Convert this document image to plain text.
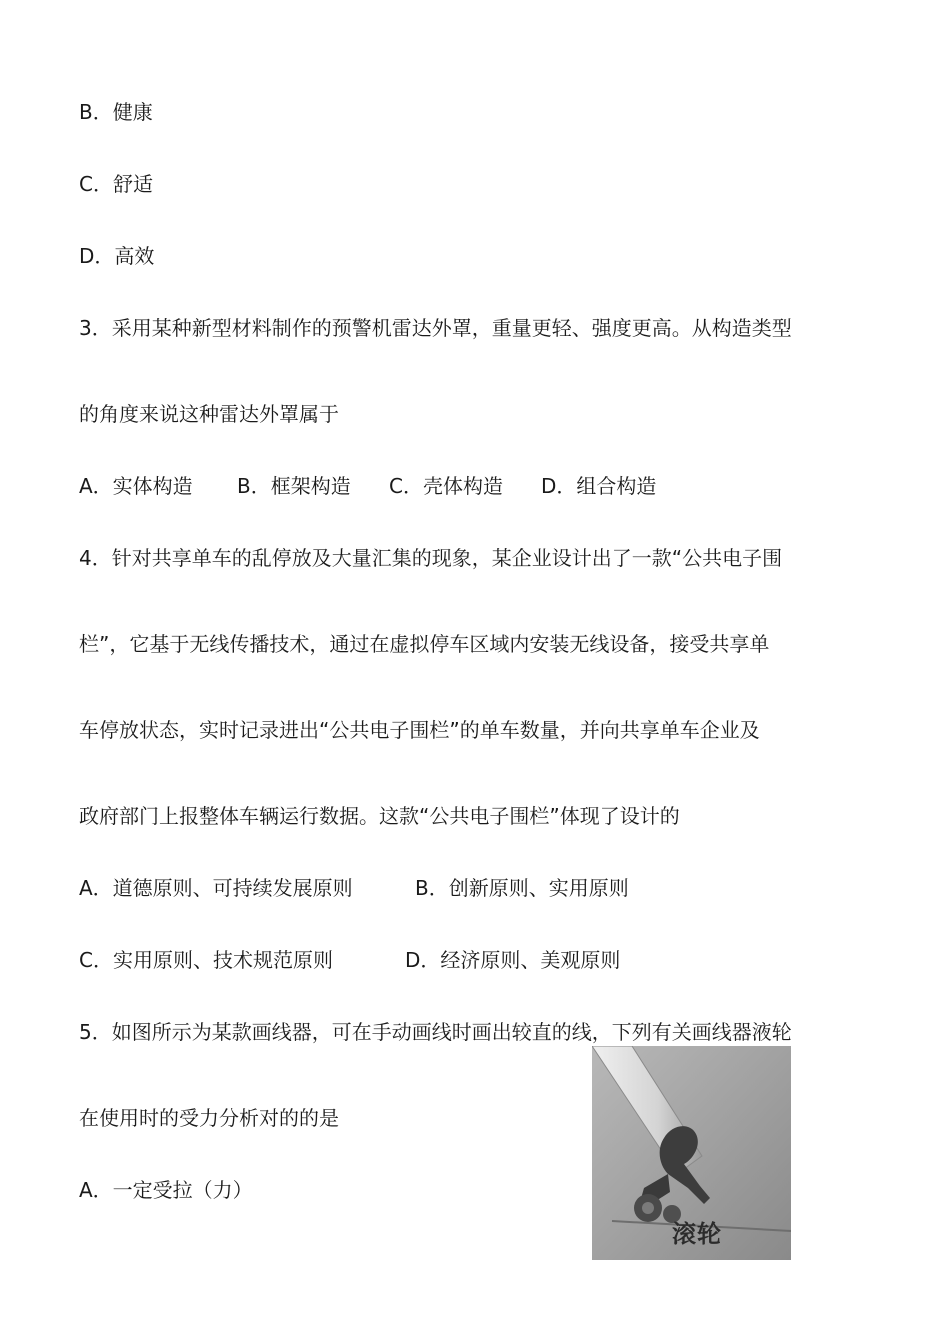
B．健康
C．舒适
D．高效
3．采用某种新型材料制作的预警机雷达外罩，重量更轻、强度更高。从构造类型
的角度来说这种雷达外罩属于
A．实体构造 B．框架构造 C．壳体构造 D．组合构造
4．针对共享单车的乱停放及大量汇集的现象，某企业设计出了一款“公共电子围
栏”，它基于无线传播技术，通过在虚拟停车区域内安装无线设备，接受共享单
车停放状态，实时记录进出“公共电子围栏”的单车数量，并向共享单车企业及
政府部门上报整体车辆运行数据。这款“公共电子围栏”体现了设计的
A．道德原则、可持续发展原则	B．创新原则、实用原则
C．实用原则、技术规范原则	D．经济原则、美观原则
5．如图所示为某款画线器，可在手动画线时画出较直的线，下列有关画线器液轮
在使用时的受力分析对的的是
A．一定受拉（力）
滚轮
